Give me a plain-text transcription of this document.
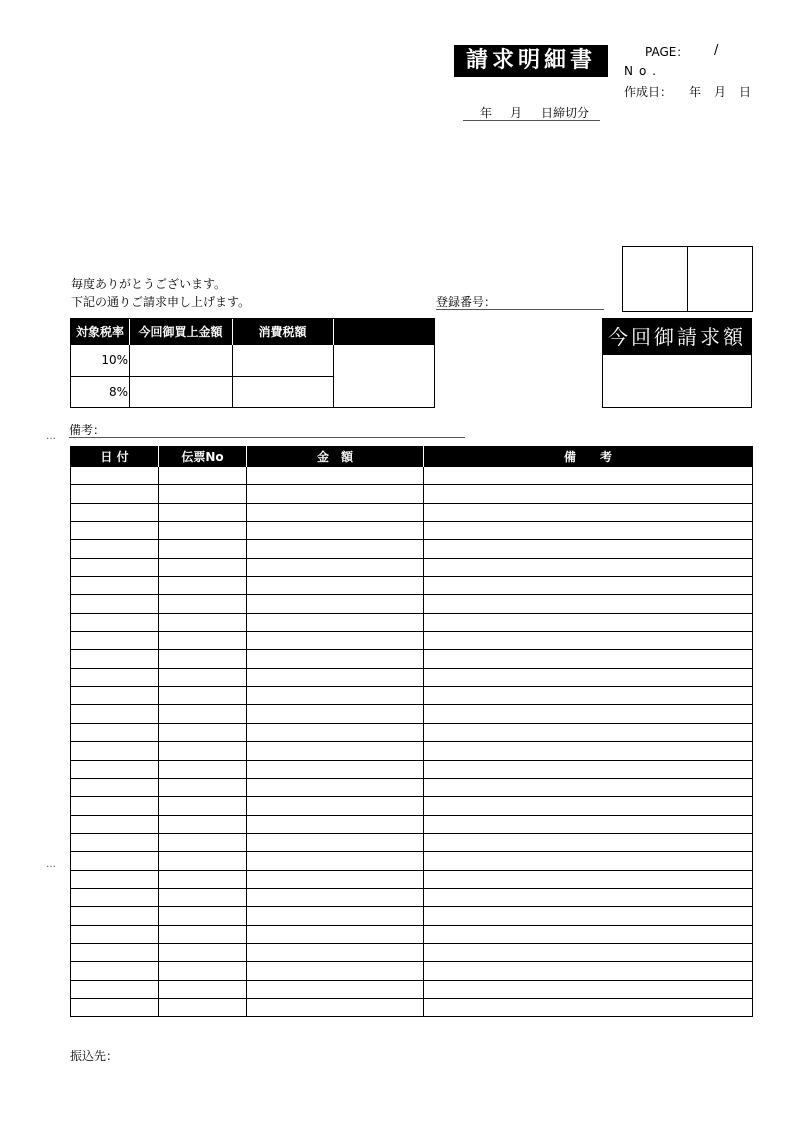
請求明細書	PAGE： /
No.
作成日： 年 月 日
年 月 日締切分
毎度ありがとうございます。
下記の通りご請求申し上げます。	登録番号：
対象税率	今回御買上金額	消費税額
10%
8%
今回御請求額
… 備考：
日 付	伝票No	金　額	備　　考

…
振込先：
